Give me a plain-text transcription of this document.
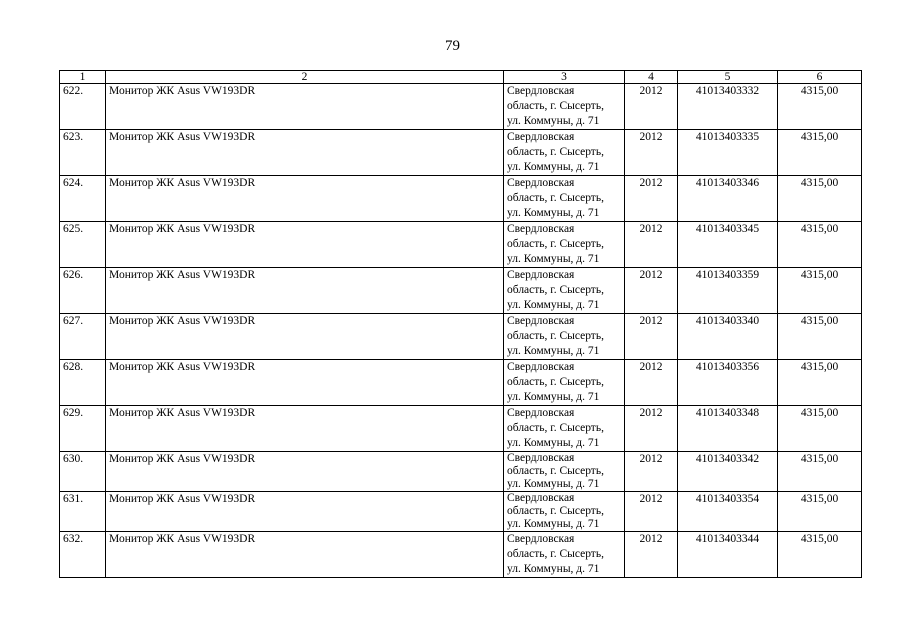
79
1	2	3	4	5	6
622.	Монитор ЖК Asus VW193DR	Свердловская
область, г. Сысерть,
ул. Коммуны, д. 71	2012	41013403332	4315,00
623.	Монитор ЖК Asus VW193DR	Свердловская
область, г. Сысерть,
ул. Коммуны, д. 71	2012	41013403335	4315,00
624.	Монитор ЖК Asus VW193DR	Свердловская
область, г. Сысерть,
ул. Коммуны, д. 71	2012	41013403346	4315,00
625.	Монитор ЖК Asus VW193DR	Свердловская
область, г. Сысерть,
ул. Коммуны, д. 71	2012	41013403345	4315,00
626.	Монитор ЖК Asus VW193DR	Свердловская
область, г. Сысерть,
ул. Коммуны, д. 71	2012	41013403359	4315,00
627.	Монитор ЖК Asus VW193DR	Свердловская
область, г. Сысерть,
ул. Коммуны, д. 71	2012	41013403340	4315,00
628.	Монитор ЖК Asus VW193DR	Свердловская
область, г. Сысерть,
ул. Коммуны, д. 71	2012	41013403356	4315,00
629.	Монитор ЖК Asus VW193DR	Свердловская
область, г. Сысерть,
ул. Коммуны, д. 71	2012	41013403348	4315,00
630.	Монитор ЖК Asus VW193DR	Свердловская
область, г. Сысерть,
ул. Коммуны, д. 71	2012	41013403342	4315,00
631.	Монитор ЖК Asus VW193DR	Свердловская
область, г. Сысерть,
ул. Коммуны, д. 71	2012	41013403354	4315,00
632.	Монитор ЖК Asus VW193DR	Свердловская
область, г. Сысерть,
ул. Коммуны, д. 71	2012	41013403344	4315,00
